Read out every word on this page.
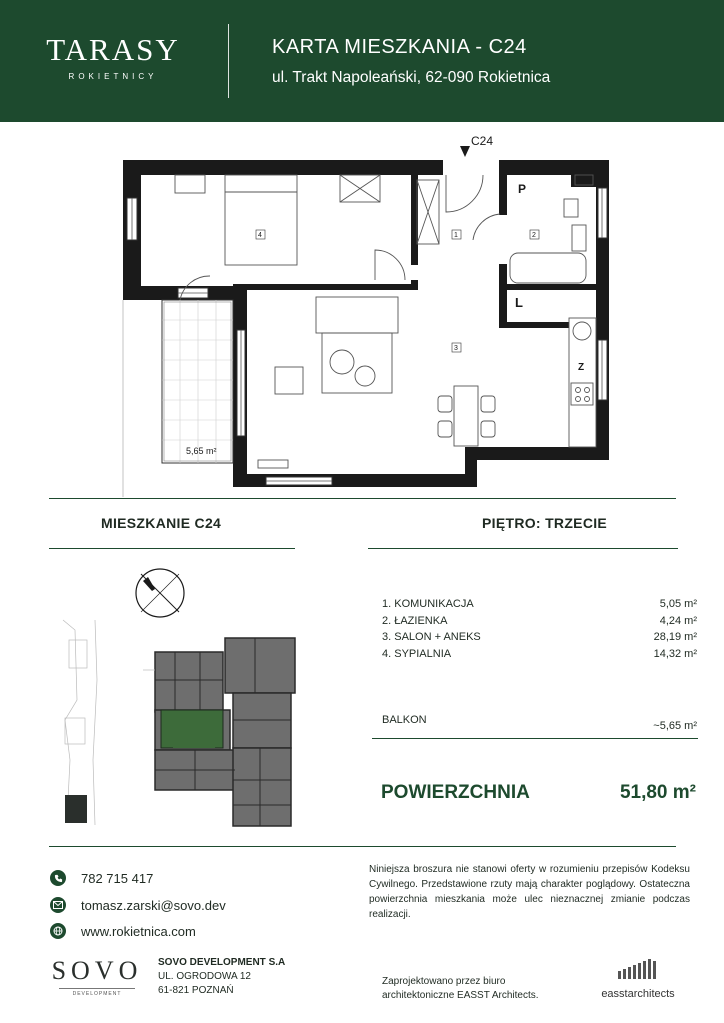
TARASY
ROKIETNICY
KARTA MIESZKANIA - C24
ul. Trakt Napoleański, 62-090 Rokietnica
C24
4	1	2
3
P
L
Z
5,65 m²
MIESZKANIE C24	PIĘTRO: TRZECIE
1. KOMUNIKACJA	5,05 m²
2. ŁAZIENKA	4,24 m²
3. SALON + ANEKS	28,19 m²
4. SYPIALNIA	14,32 m²
BALKON	~5,65 m²
POWIERZCHNIA	51,80 m²
782 715 417
tomasz.zarski@sovo.dev
www.rokietnica.com
Niniejsza broszura nie stanowi oferty w rozumieniu przepisów Kodeksu Cywilnego. Przedstawione rzuty mają charakter poglądowy. Ostateczna powierzchnia mieszkania może ulec nieznacznej zmianie podczas realizacji.
SOVO
DEVELOPMENT
SOVO DEVELOPMENT S.A
UL. OGRODOWA 12
61-821 POZNAŃ
Zaprojektowano przez biuro
architektoniczne EASST Architects.	easstarchitects
